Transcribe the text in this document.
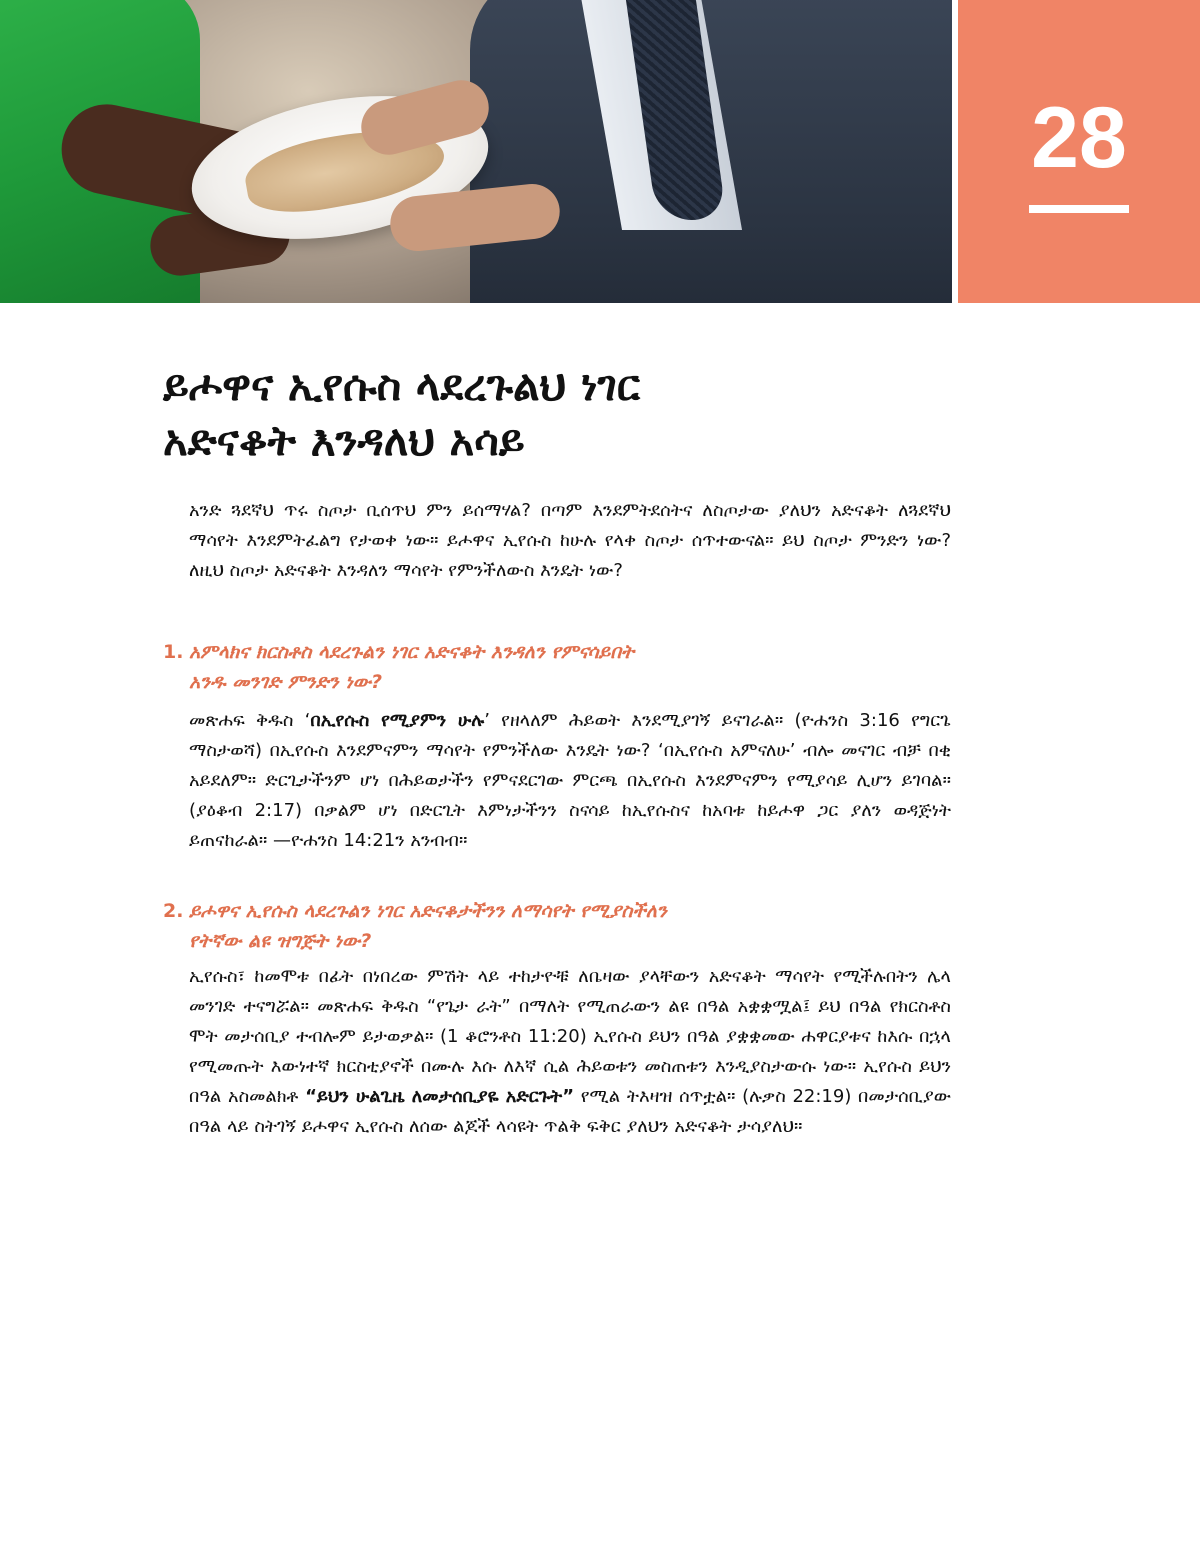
28
ይሖዋና ኢየሱስ ላደረጉልህ ነገር
አድናቆት እንዳለህ አሳይ

አንድ ጓደኛህ ጥሩ ስጦታ ቢሰጥህ ምን ይሰማሃል? በጣም እንደምትደሰትና ለስጦታው ያለህን አድናቆት ለጓደኛህ ማሳየት እንደምትፈልግ የታወቀ ነው። ይሖዋና ኢየሱስ ከሁሉ የላቀ ስጦታ ሰጥተውናል። ይህ ስጦታ ምንድን ነው? ለዚህ ስጦታ አድናቆት እንዳለን ማሳየት የምንችለውስ እንዴት ነው?

1. አምላክና ክርስቶስ ላደረጉልን ነገር አድናቆት እንዳለን የምናሳይበት
አንዱ መንገድ ምንድን ነው?

መጽሐፍ ቅዱስ ‘በኢየሱስ የሚያምን ሁሉ’ የዘላለም ሕይወት እንደሚያገኝ ይናገራል። (ዮሐንስ 3:16 የግርጌ ማስታወሻ) በኢየሱስ እንደምናምን ማሳየት የምንችለው እንዴት ነው? ‘በኢየሱስ አምናለሁ’ ብሎ መናገር ብቻ በቂ አይደለም። ድርጊታችንም ሆነ በሕይወታችን የምናደርገው ምርጫ በኢየሱስ እንደምናምን የሚያሳይ ሊሆን ይገባል። (ያዕቆብ 2:17) በቃልም ሆነ በድርጊት እምነታችንን ስናሳይ ከኢየሱስና ከአባቱ ከይሖዋ ጋር ያለን ወዳጅነት ይጠናከራል። —ዮሐንስ 14:21ን አንብብ።

2. ይሖዋና ኢየሱስ ላደረጉልን ነገር አድናቆታችንን ለማሳየት የሚያስችለን
የትኛው ልዩ ዝግጅት ነው?

ኢየሱስ፣ ከመሞቱ በፊት በነበረው ምሽት ላይ ተከታዮቹ ለቤዛው ያላቸውን አድናቆት ማሳየት የሚችሉበትን ሌላ መንገድ ተናግሯል። መጽሐፍ ቅዱስ “የጌታ ራት” በማለት የሚጠራውን ልዩ በዓል አቋቋሟል፤ ይህ በዓል የክርስቶስ ሞት መታሰቢያ ተብሎም ይታወቃል። (1 ቆሮንቶስ 11:20) ኢየሱስ ይህን በዓል ያቋቋመው ሐዋርያቱና ከእሱ በኋላ የሚመጡት እውነተኛ ክርስቲያኖች በሙሉ እሱ ለእኛ ሲል ሕይወቱን መስጠቱን እንዲያስታውሱ ነው። ኢየሱስ ይህን በዓል አስመልክቶ “ይህን ሁልጊዜ ለመታሰቢያዬ አድርጉት” የሚል ትእዛዝ ሰጥቷል። (ሉቃስ 22:19) በመታሰቢያው በዓል ላይ ስትገኝ ይሖዋና ኢየሱስ ለሰው ልጆች ላሳዩት ጥልቅ ፍቅር ያለህን አድናቆት ታሳያለህ።
